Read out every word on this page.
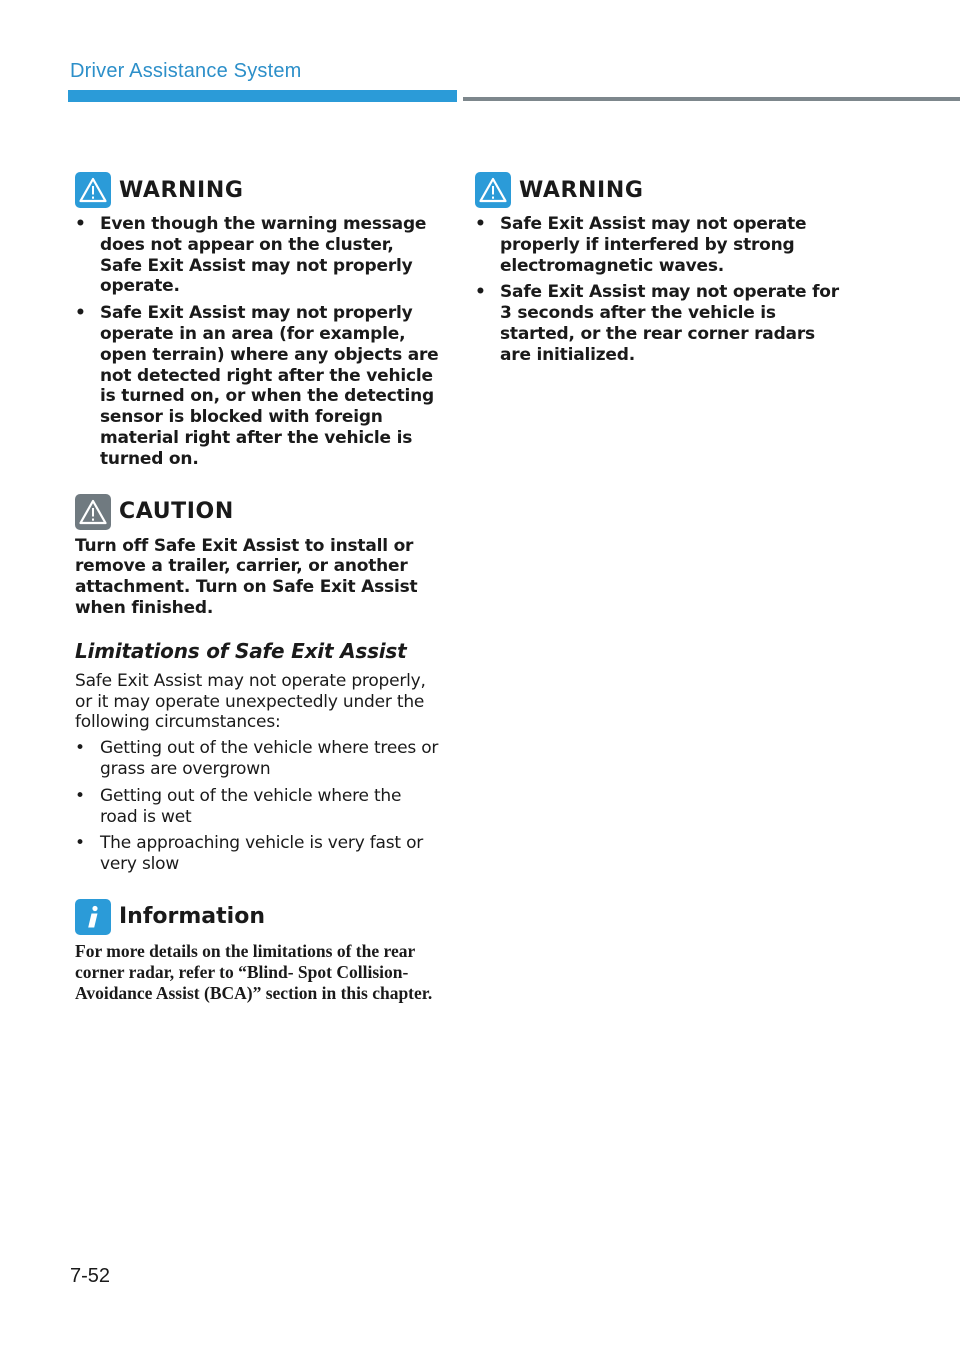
Driver Assistance System
WARNING
• Even though the warning message does not appear on the cluster, Safe Exit Assist may not properly operate.
• Safe Exit Assist may not properly operate in an area (for example, open terrain) where any objects are not detected right after the vehicle is turned on, or when the detecting sensor is blocked with foreign material right after the vehicle is turned on.
CAUTION

Turn off Safe Exit Assist to install or remove a trailer, carrier, or another attachment. Turn on Safe Exit Assist when finished.

Limitations of Safe Exit Assist

Safe Exit Assist may not operate properly, or it may operate unexpectedly under the following circumstances:

• Getting out of the vehicle where trees or grass are overgrown
• Getting out of the vehicle where the road is wet
• The approaching vehicle is very fast or very slow
Information

For more details on the limitations of the rear corner radar, refer to “Blind- Spot Collision-Avoidance Assist (BCA)” section in this chapter.

WARNING
• Safe Exit Assist may not operate properly if interfered by strong electromagnetic waves.
• Safe Exit Assist may not operate for 3 seconds after the vehicle is started, or the rear corner radars are initialized.
7-52
